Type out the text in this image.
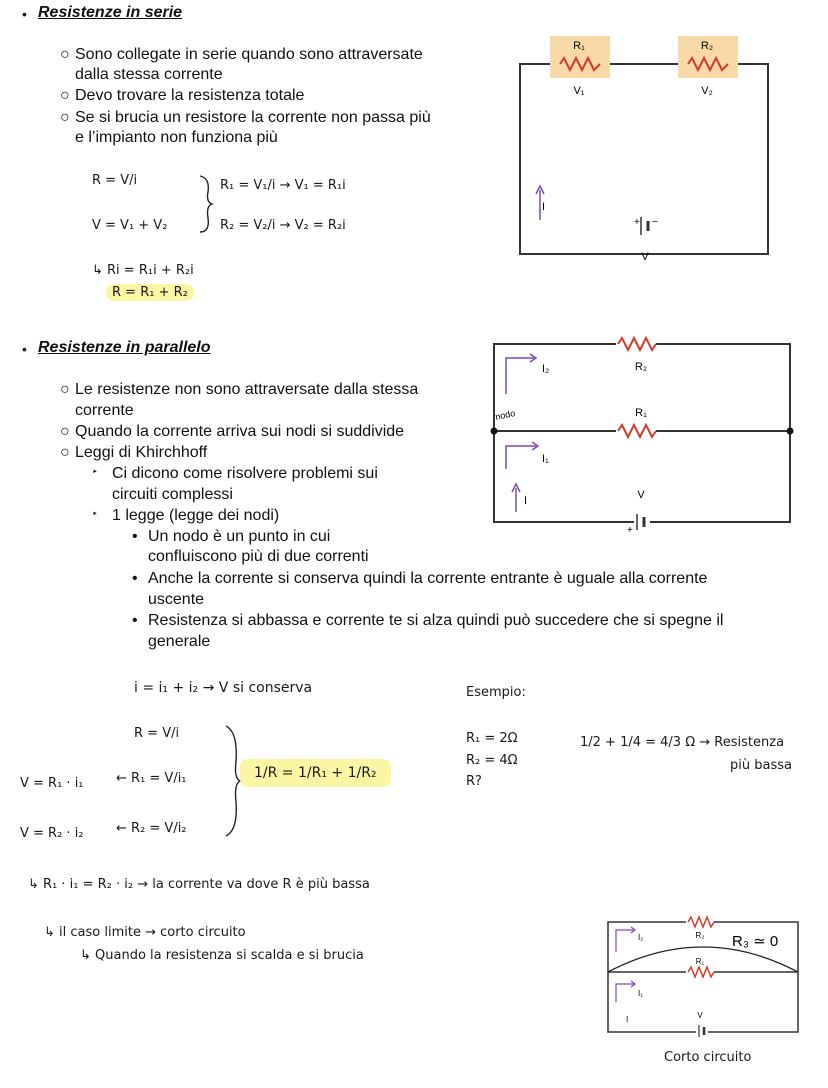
• Resistenze in serie
○ Sono collegate in serie quando sono attraversate
dalla stessa corrente
○ Devo trovare la resistenza totale
○ Se si brucia un resistore la corrente non passa più
e l’impianto non funziona più
R = V/i
V = V₁ + V₂
R₁ = V₁/i → V₁ = R₁i
R₂ = V₂/i → V₂ = R₂i
↳ Ri = R₁i + R₂i
R = R₁ + R₂
R₁	R₂
V₁	V₂
I
+ −
V
• Resistenze in parallelo
○ Le resistenze non sono attraversate dalla stessa
corrente
○ Quando la corrente arriva sui nodi si suddivide
○ Leggi di Khirchhoff
‣ Ci dicono come risolvere problemi sui
circuiti complessi
‣ 1 legge (legge dei nodi)
• Un nodo è un punto in cui
confluiscono più di due correnti
• Anche la corrente si conserva quindi la corrente entrante è uguale alla corrente
uscente
• Resistenza si abbassa e corrente te si alza quindi può succedere che si spegne il
generale
I₂	R₂
R₁
nodo
I₁
I	V
+
i = i₁ + i₂ → V si conserva
R = V/i
V = R₁ · i₁ ← R₁ = V/i₁
V = R₂ · i₂ ← R₂ = V/i₂
1/R = 1/R₁ + 1/R₂
Esempio:
R₁ = 2Ω
R₂ = 4Ω
R?
1/2 + 1/4 = 4/3 Ω → Resistenza
più bassa
↳ R₁ · i₁ = R₂ · i₂ → la corrente va dove R è più bassa
↳ il caso limite → corto circuito
↳ Quando la resistenza si scalda e si brucia
I₂	R₂
R₁
I₁
I	V
R₃ ≃ 0
Corto circuito
